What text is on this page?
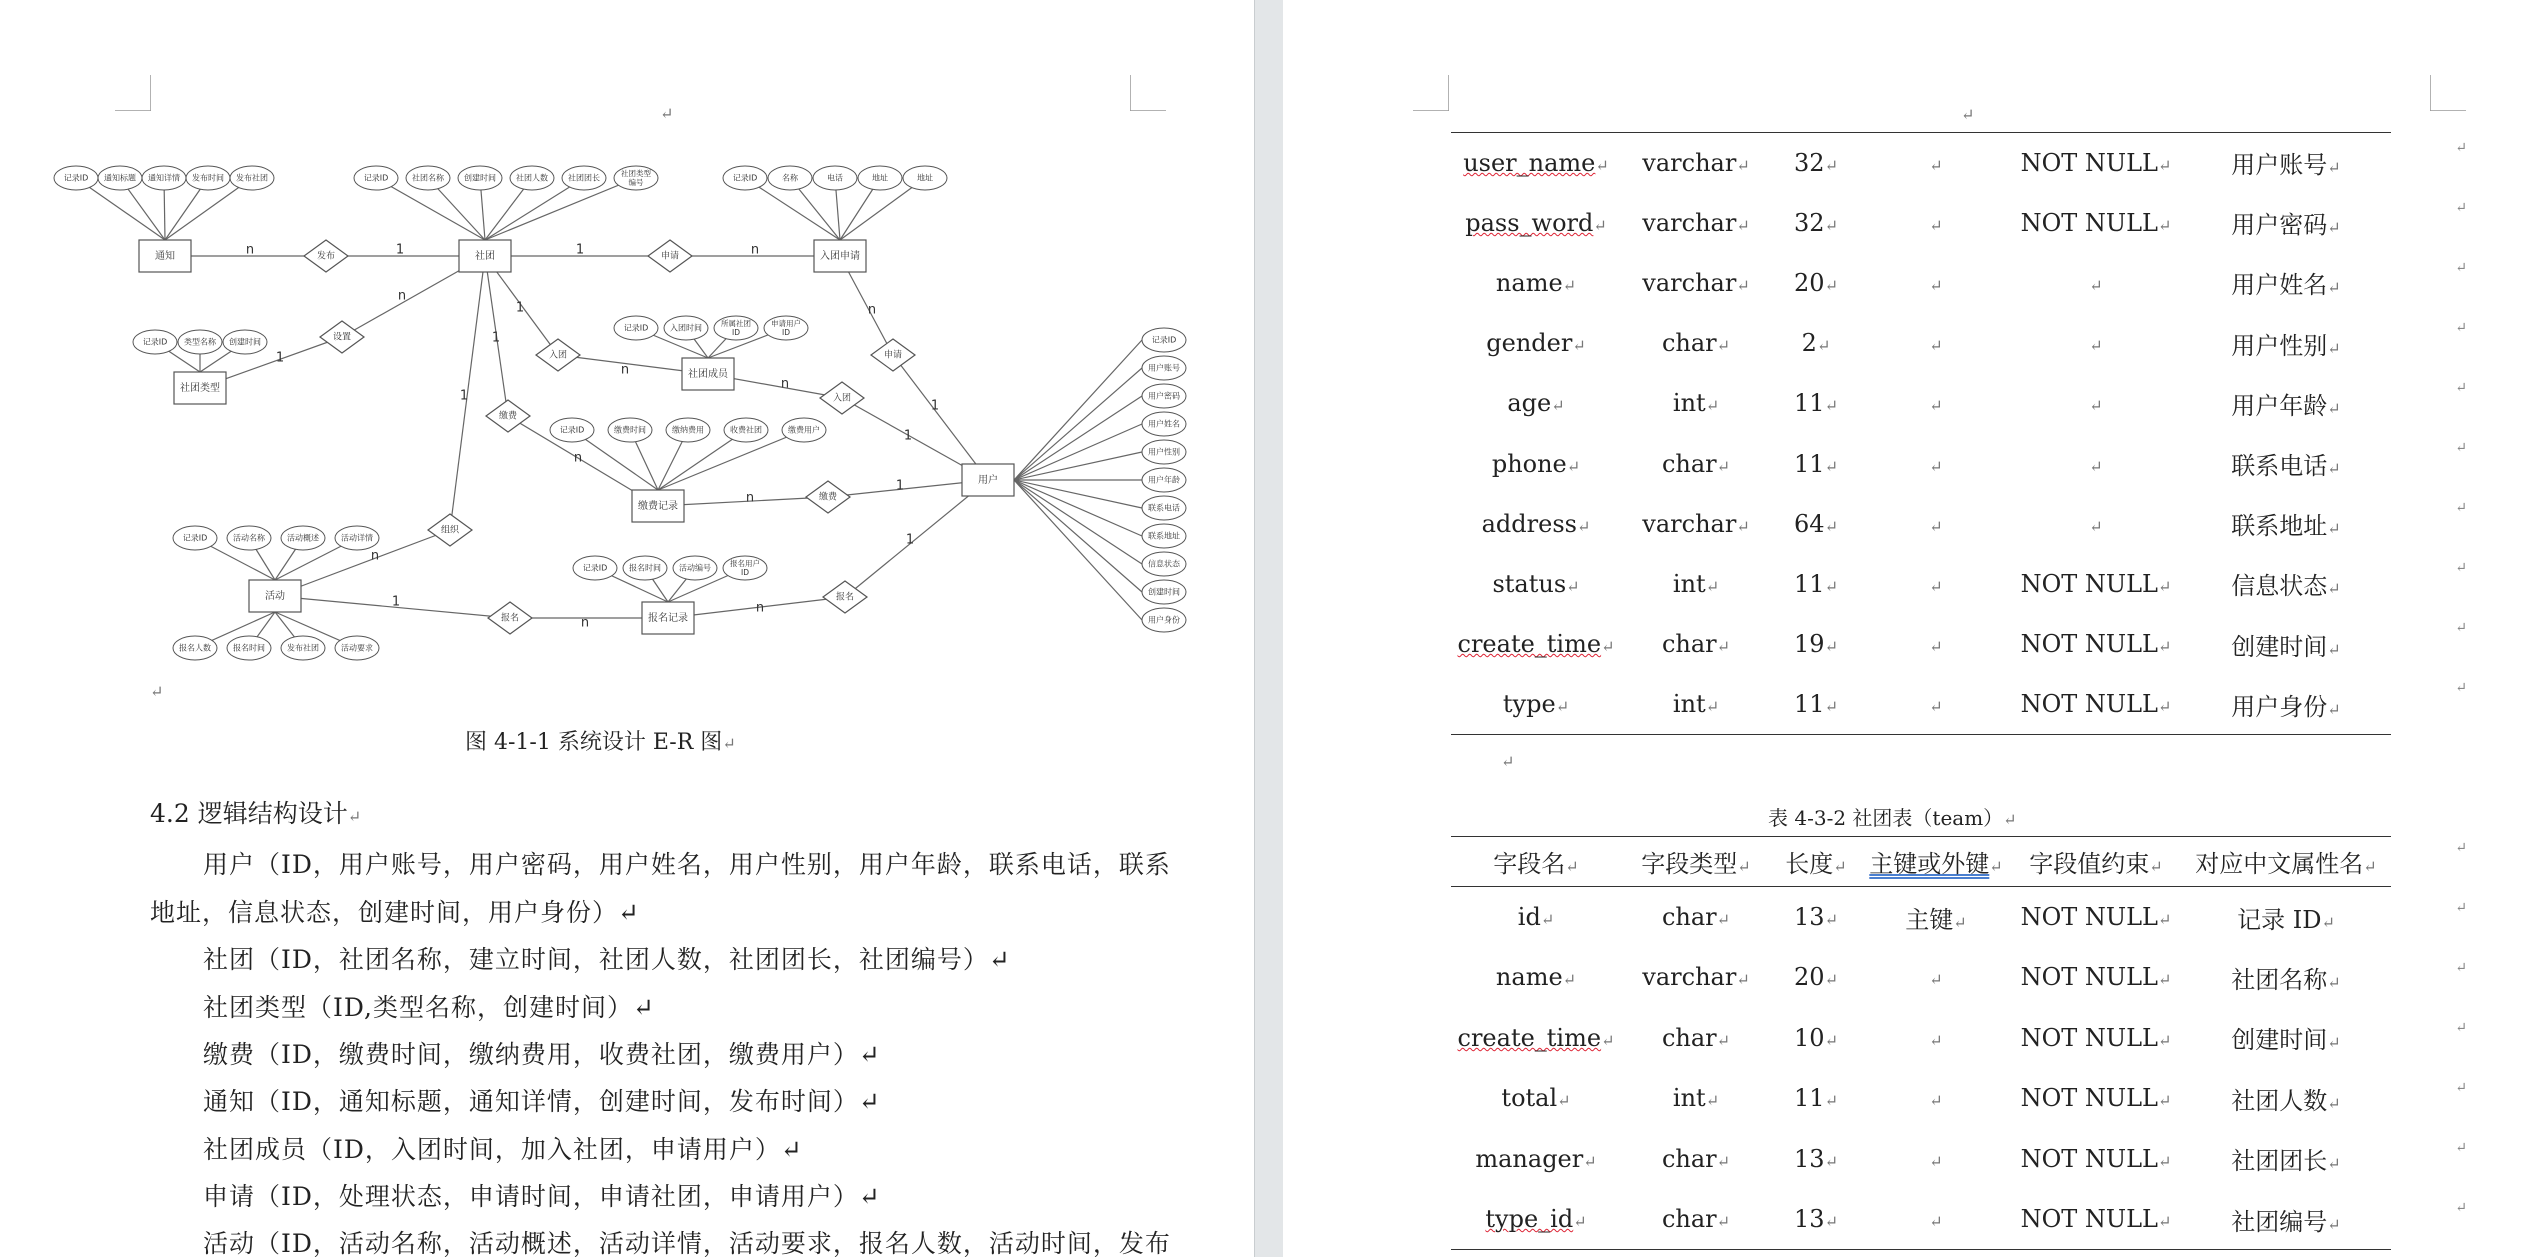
↵
n	1	1	n
n
1
1
n
n
1
n
1
1
n
n
1
1
n
1
n
n
1
发布	申请
设置
入团	申请
入团
缴费
缴费
组织
报名
报名
通知	社团	入团申请
社团类型
社团成员
用户
缴费记录
活动
报名记录
记录ID 通知标题 通知详情 发布时间 发布社团	记录ID	社团名称	创建时间	社团人数	社团团长	社团类型
编号	记录ID	名称	电话	地址	地址
记录ID 类型名称 创建时间
记录ID	入团时间	所属社团
ID
申请用户
ID
记录ID	缴费时间	缴纳费用	收费社团	缴费用户
记录ID	活动名称	活动概述	活动详情
报名人数	报名时间	发布社团	活动要求
记录ID	报名时间 活动编号	报名用户
ID
记录ID
用户账号
用户密码
用户姓名
用户性别
用户年龄
联系电话
联系地址
信息状态
创建时间
用户身份
↵
图 4-1-1 系统设计 E-R 图↵
4.2 逻辑结构设计↵
用户（ID，用户账号，用户密码，用户姓名，用户性别，用户年龄，联系电话，联系
地址，信息状态，创建时间，用户身份）↵
社团（ID，社团名称，建立时间，社团人数，社团团长，社团编号）↵
社团类型（ID,类型名称，创建时间）↵
缴费（ID，缴费时间，缴纳费用，收费社团，缴费用户）↵
通知（ID，通知标题，通知详情，创建时间，发布时间）↵
社团成员（ID，入团时间，加入社团，申请用户）↵
申请（ID，处理状态，申请时间，申请社团，申请用户）↵
活动（ID，活动名称，活动概述，活动详情，活动要求，报名人数，活动时间，发布
↵
user_name↵	varchar↵	32↵	↵	NOT NULL↵	用户账号↵
pass_word↵	varchar↵	32↵	↵	NOT NULL↵	用户密码↵
name↵	varchar↵	20↵	↵	↵	用户姓名↵
gender↵	char↵	2↵	↵	↵	用户性别↵
age↵	int↵	11↵	↵	↵	用户年龄↵
phone↵	char↵	11↵	↵	↵	联系电话↵
address↵	varchar↵	64↵	↵	↵	联系地址↵
status↵	int↵	11↵	↵	NOT NULL↵	信息状态↵
create_time↵	char↵	19↵	↵	NOT NULL↵	创建时间↵
type↵	int↵	11↵	↵	NOT NULL↵	用户身份↵
↵
表 4-3-2 社团表（team）↵
字段名↵	字段类型↵	长度↵	主键或外键↵	字段值约束↵	对应中文属性名↵
id↵	char↵	13↵	主键↵	NOT NULL↵	记录 ID↵
name↵	varchar↵	20↵	↵	NOT NULL↵	社团名称↵
create_time↵	char↵	10↵	↵	NOT NULL↵	创建时间↵
total↵	int↵	11↵	↵	NOT NULL↵	社团人数↵
manager↵	char↵	13↵	↵	NOT NULL↵	社团团长↵
type_id↵	char↵	13↵	↵	NOT NULL↵	社团编号↵
↵
↵
↵
↵
↵
↵
↵
↵
↵
↵
↵
↵
↵
↵
↵
↵
↵
